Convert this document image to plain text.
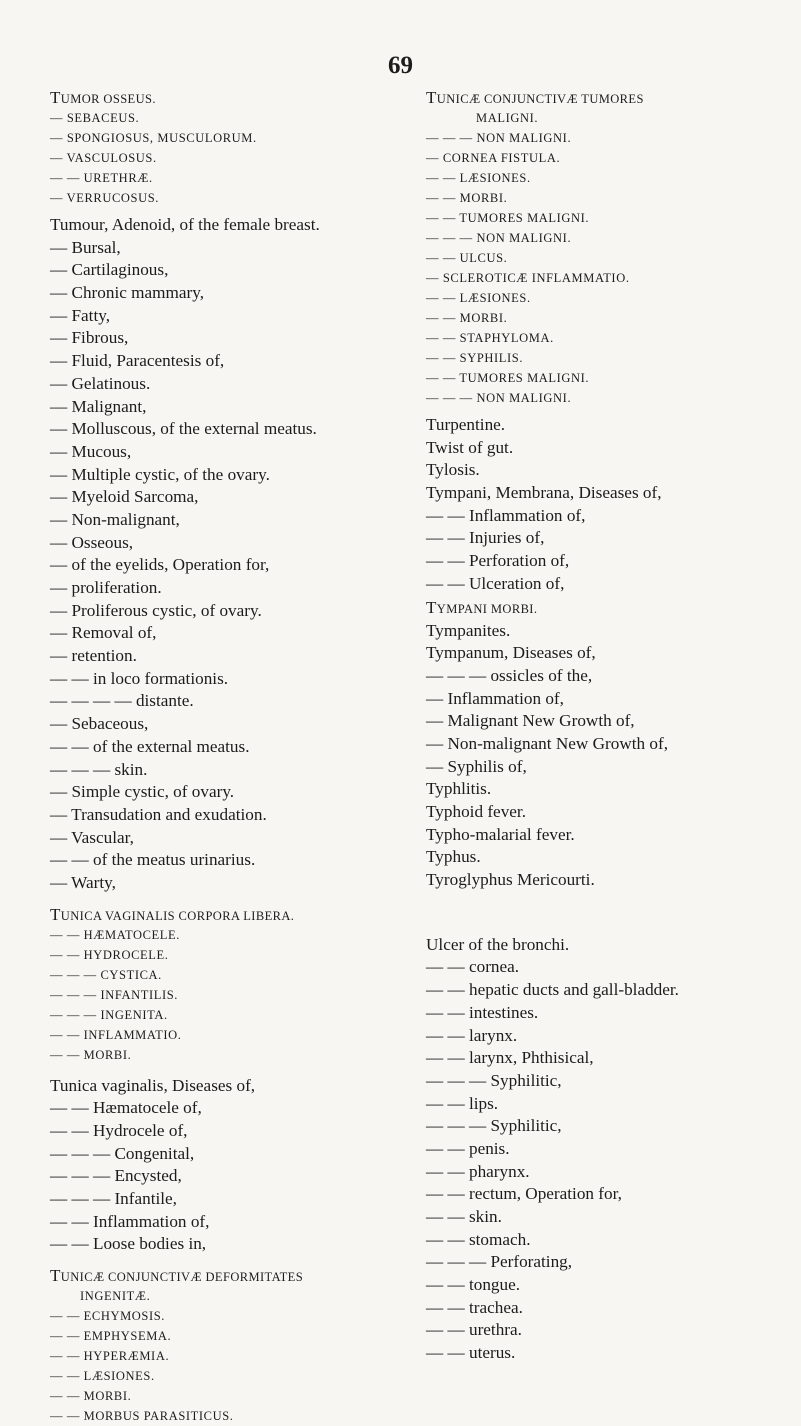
69
TUMOR OSSEUS.
— SEBACEUS.
— SPONGIOSUS, MUSCULORUM.
— VASCULOSUS.
— — URETHRÆ.
— VERRUCOSUS.
Tumour, Adenoid, of the female breast.
— Bursal,
— Cartilaginous,
— Chronic mammary,
— Fatty,
— Fibrous,
— Fluid, Paracentesis of,
— Gelatinous.
— Malignant,
— Molluscous, of the external meatus.
— Mucous,
— Multiple cystic, of the ovary.
— Myeloid Sarcoma,
— Non-malignant,
— Osseous,
— of the eyelids, Operation for,
— proliferation.
— Proliferous cystic, of ovary.
— Removal of,
— retention.
— — in loco formationis.
— — — — distante.
— Sebaceous,
— — of the external meatus.
— — — skin.
— Simple cystic, of ovary.
— Transudation and exudation.
— Vascular,
— — of the meatus urinarius.
— Warty,
TUNICA VAGINALIS CORPORA LIBERA.
— — HÆMATOCELE.
— — HYDROCELE.
— — — CYSTICA.
— — — INFANTILIS.
— — — INGENITA.
— — INFLAMMATIO.
— — MORBI.
Tunica vaginalis, Diseases of,
— — Hæmatocele of,
— — Hydrocele of,
— — — Congenital,
— — — Encysted,
— — — Infantile,
— — Inflammation of,
— — Loose bodies in,
TUNICÆ CONJUNCTIVÆ DEFORMITATES
INGENITÆ.
— — ECHYMOSIS.
— — EMPHYSEMA.
— — HYPERÆMIA.
— — LÆSIONES.
— — MORBI.
— — MORBUS PARASITICUS.
TUNICÆ CONJUNCTIVÆ TUMORES
MALIGNI.
— — — NON MALIGNI.
— CORNEA FISTULA.
— — LÆSIONES.
— — MORBI.
— — TUMORES MALIGNI.
— — — NON MALIGNI.
— — ULCUS.
— SCLEROTICÆ INFLAMMATIO.
— — LÆSIONES.
— — MORBI.
— — STAPHYLOMA.
— — SYPHILIS.
— — TUMORES MALIGNI.
— — — NON MALIGNI.
Turpentine.
Twist of gut.
Tylosis.
Tympani, Membrana, Diseases of,
— — Inflammation of,
— — Injuries of,
— — Perforation of,
— — Ulceration of,
TYMPANI MORBI.
Tympanites.
Tympanum, Diseases of,
— — — ossicles of the,
— Inflammation of,
— Malignant New Growth of,
— Non-malignant New Growth of,
— Syphilis of,
Typhlitis.
Typhoid fever.
Typho-malarial fever.
Typhus.
Tyroglyphus Mericourti.
Ulcer of the bronchi.
— — cornea.
— — hepatic ducts and gall-bladder.
— — intestines.
— — larynx.
— — larynx, Phthisical,
— — — Syphilitic,
— — lips.
— — — Syphilitic,
— — penis.
— — pharynx.
— — rectum, Operation for,
— — skin.
— — stomach.
— — — Perforating,
— — tongue.
— — trachea.
— — urethra.
— — uterus.
